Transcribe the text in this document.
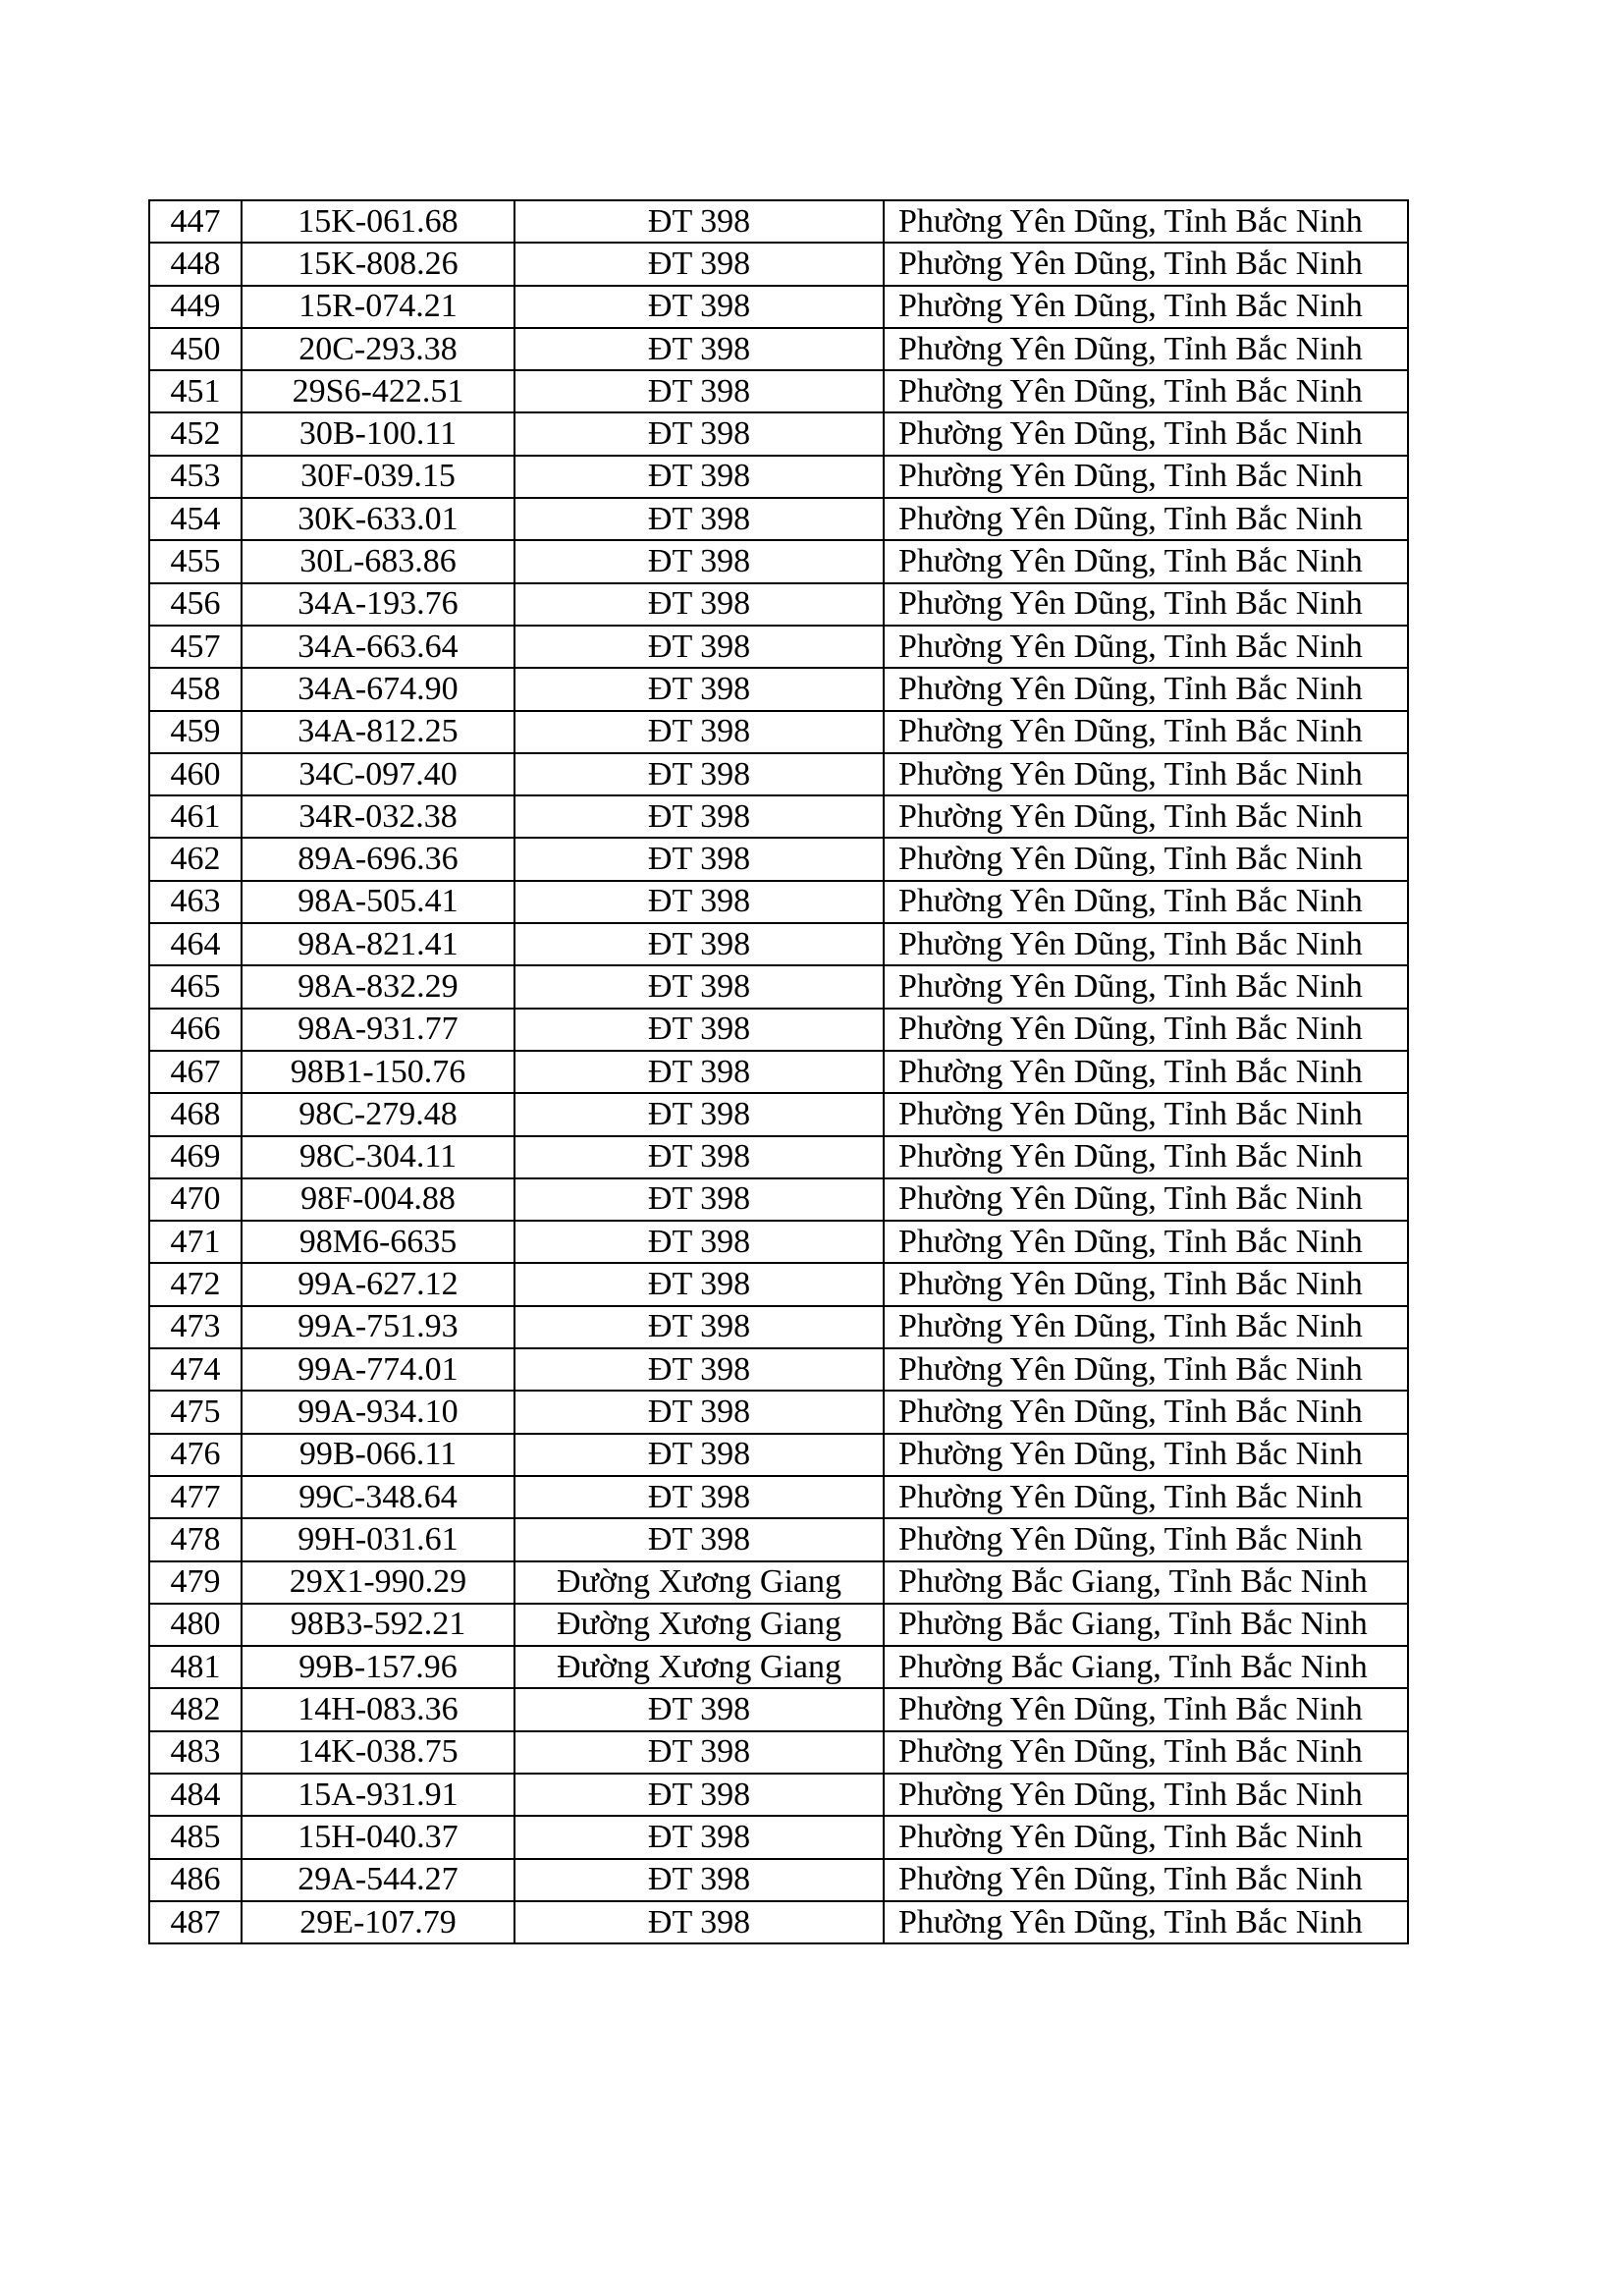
447	15K-061.68	ĐT 398	Phường Yên Dũng, Tỉnh Bắc Ninh
448	15K-808.26	ĐT 398	Phường Yên Dũng, Tỉnh Bắc Ninh
449	15R-074.21	ĐT 398	Phường Yên Dũng, Tỉnh Bắc Ninh
450	20C-293.38	ĐT 398	Phường Yên Dũng, Tỉnh Bắc Ninh
451	29S6-422.51	ĐT 398	Phường Yên Dũng, Tỉnh Bắc Ninh
452	30B-100.11	ĐT 398	Phường Yên Dũng, Tỉnh Bắc Ninh
453	30F-039.15	ĐT 398	Phường Yên Dũng, Tỉnh Bắc Ninh
454	30K-633.01	ĐT 398	Phường Yên Dũng, Tỉnh Bắc Ninh
455	30L-683.86	ĐT 398	Phường Yên Dũng, Tỉnh Bắc Ninh
456	34A-193.76	ĐT 398	Phường Yên Dũng, Tỉnh Bắc Ninh
457	34A-663.64	ĐT 398	Phường Yên Dũng, Tỉnh Bắc Ninh
458	34A-674.90	ĐT 398	Phường Yên Dũng, Tỉnh Bắc Ninh
459	34A-812.25	ĐT 398	Phường Yên Dũng, Tỉnh Bắc Ninh
460	34C-097.40	ĐT 398	Phường Yên Dũng, Tỉnh Bắc Ninh
461	34R-032.38	ĐT 398	Phường Yên Dũng, Tỉnh Bắc Ninh
462	89A-696.36	ĐT 398	Phường Yên Dũng, Tỉnh Bắc Ninh
463	98A-505.41	ĐT 398	Phường Yên Dũng, Tỉnh Bắc Ninh
464	98A-821.41	ĐT 398	Phường Yên Dũng, Tỉnh Bắc Ninh
465	98A-832.29	ĐT 398	Phường Yên Dũng, Tỉnh Bắc Ninh
466	98A-931.77	ĐT 398	Phường Yên Dũng, Tỉnh Bắc Ninh
467	98B1-150.76	ĐT 398	Phường Yên Dũng, Tỉnh Bắc Ninh
468	98C-279.48	ĐT 398	Phường Yên Dũng, Tỉnh Bắc Ninh
469	98C-304.11	ĐT 398	Phường Yên Dũng, Tỉnh Bắc Ninh
470	98F-004.88	ĐT 398	Phường Yên Dũng, Tỉnh Bắc Ninh
471	98M6-6635	ĐT 398	Phường Yên Dũng, Tỉnh Bắc Ninh
472	99A-627.12	ĐT 398	Phường Yên Dũng, Tỉnh Bắc Ninh
473	99A-751.93	ĐT 398	Phường Yên Dũng, Tỉnh Bắc Ninh
474	99A-774.01	ĐT 398	Phường Yên Dũng, Tỉnh Bắc Ninh
475	99A-934.10	ĐT 398	Phường Yên Dũng, Tỉnh Bắc Ninh
476	99B-066.11	ĐT 398	Phường Yên Dũng, Tỉnh Bắc Ninh
477	99C-348.64	ĐT 398	Phường Yên Dũng, Tỉnh Bắc Ninh
478	99H-031.61	ĐT 398	Phường Yên Dũng, Tỉnh Bắc Ninh
479	29X1-990.29	Đường Xương Giang	Phường Bắc Giang, Tỉnh Bắc Ninh
480	98B3-592.21	Đường Xương Giang	Phường Bắc Giang, Tỉnh Bắc Ninh
481	99B-157.96	Đường Xương Giang	Phường Bắc Giang, Tỉnh Bắc Ninh
482	14H-083.36	ĐT 398	Phường Yên Dũng, Tỉnh Bắc Ninh
483	14K-038.75	ĐT 398	Phường Yên Dũng, Tỉnh Bắc Ninh
484	15A-931.91	ĐT 398	Phường Yên Dũng, Tỉnh Bắc Ninh
485	15H-040.37	ĐT 398	Phường Yên Dũng, Tỉnh Bắc Ninh
486	29A-544.27	ĐT 398	Phường Yên Dũng, Tỉnh Bắc Ninh
487	29E-107.79	ĐT 398	Phường Yên Dũng, Tỉnh Bắc Ninh
